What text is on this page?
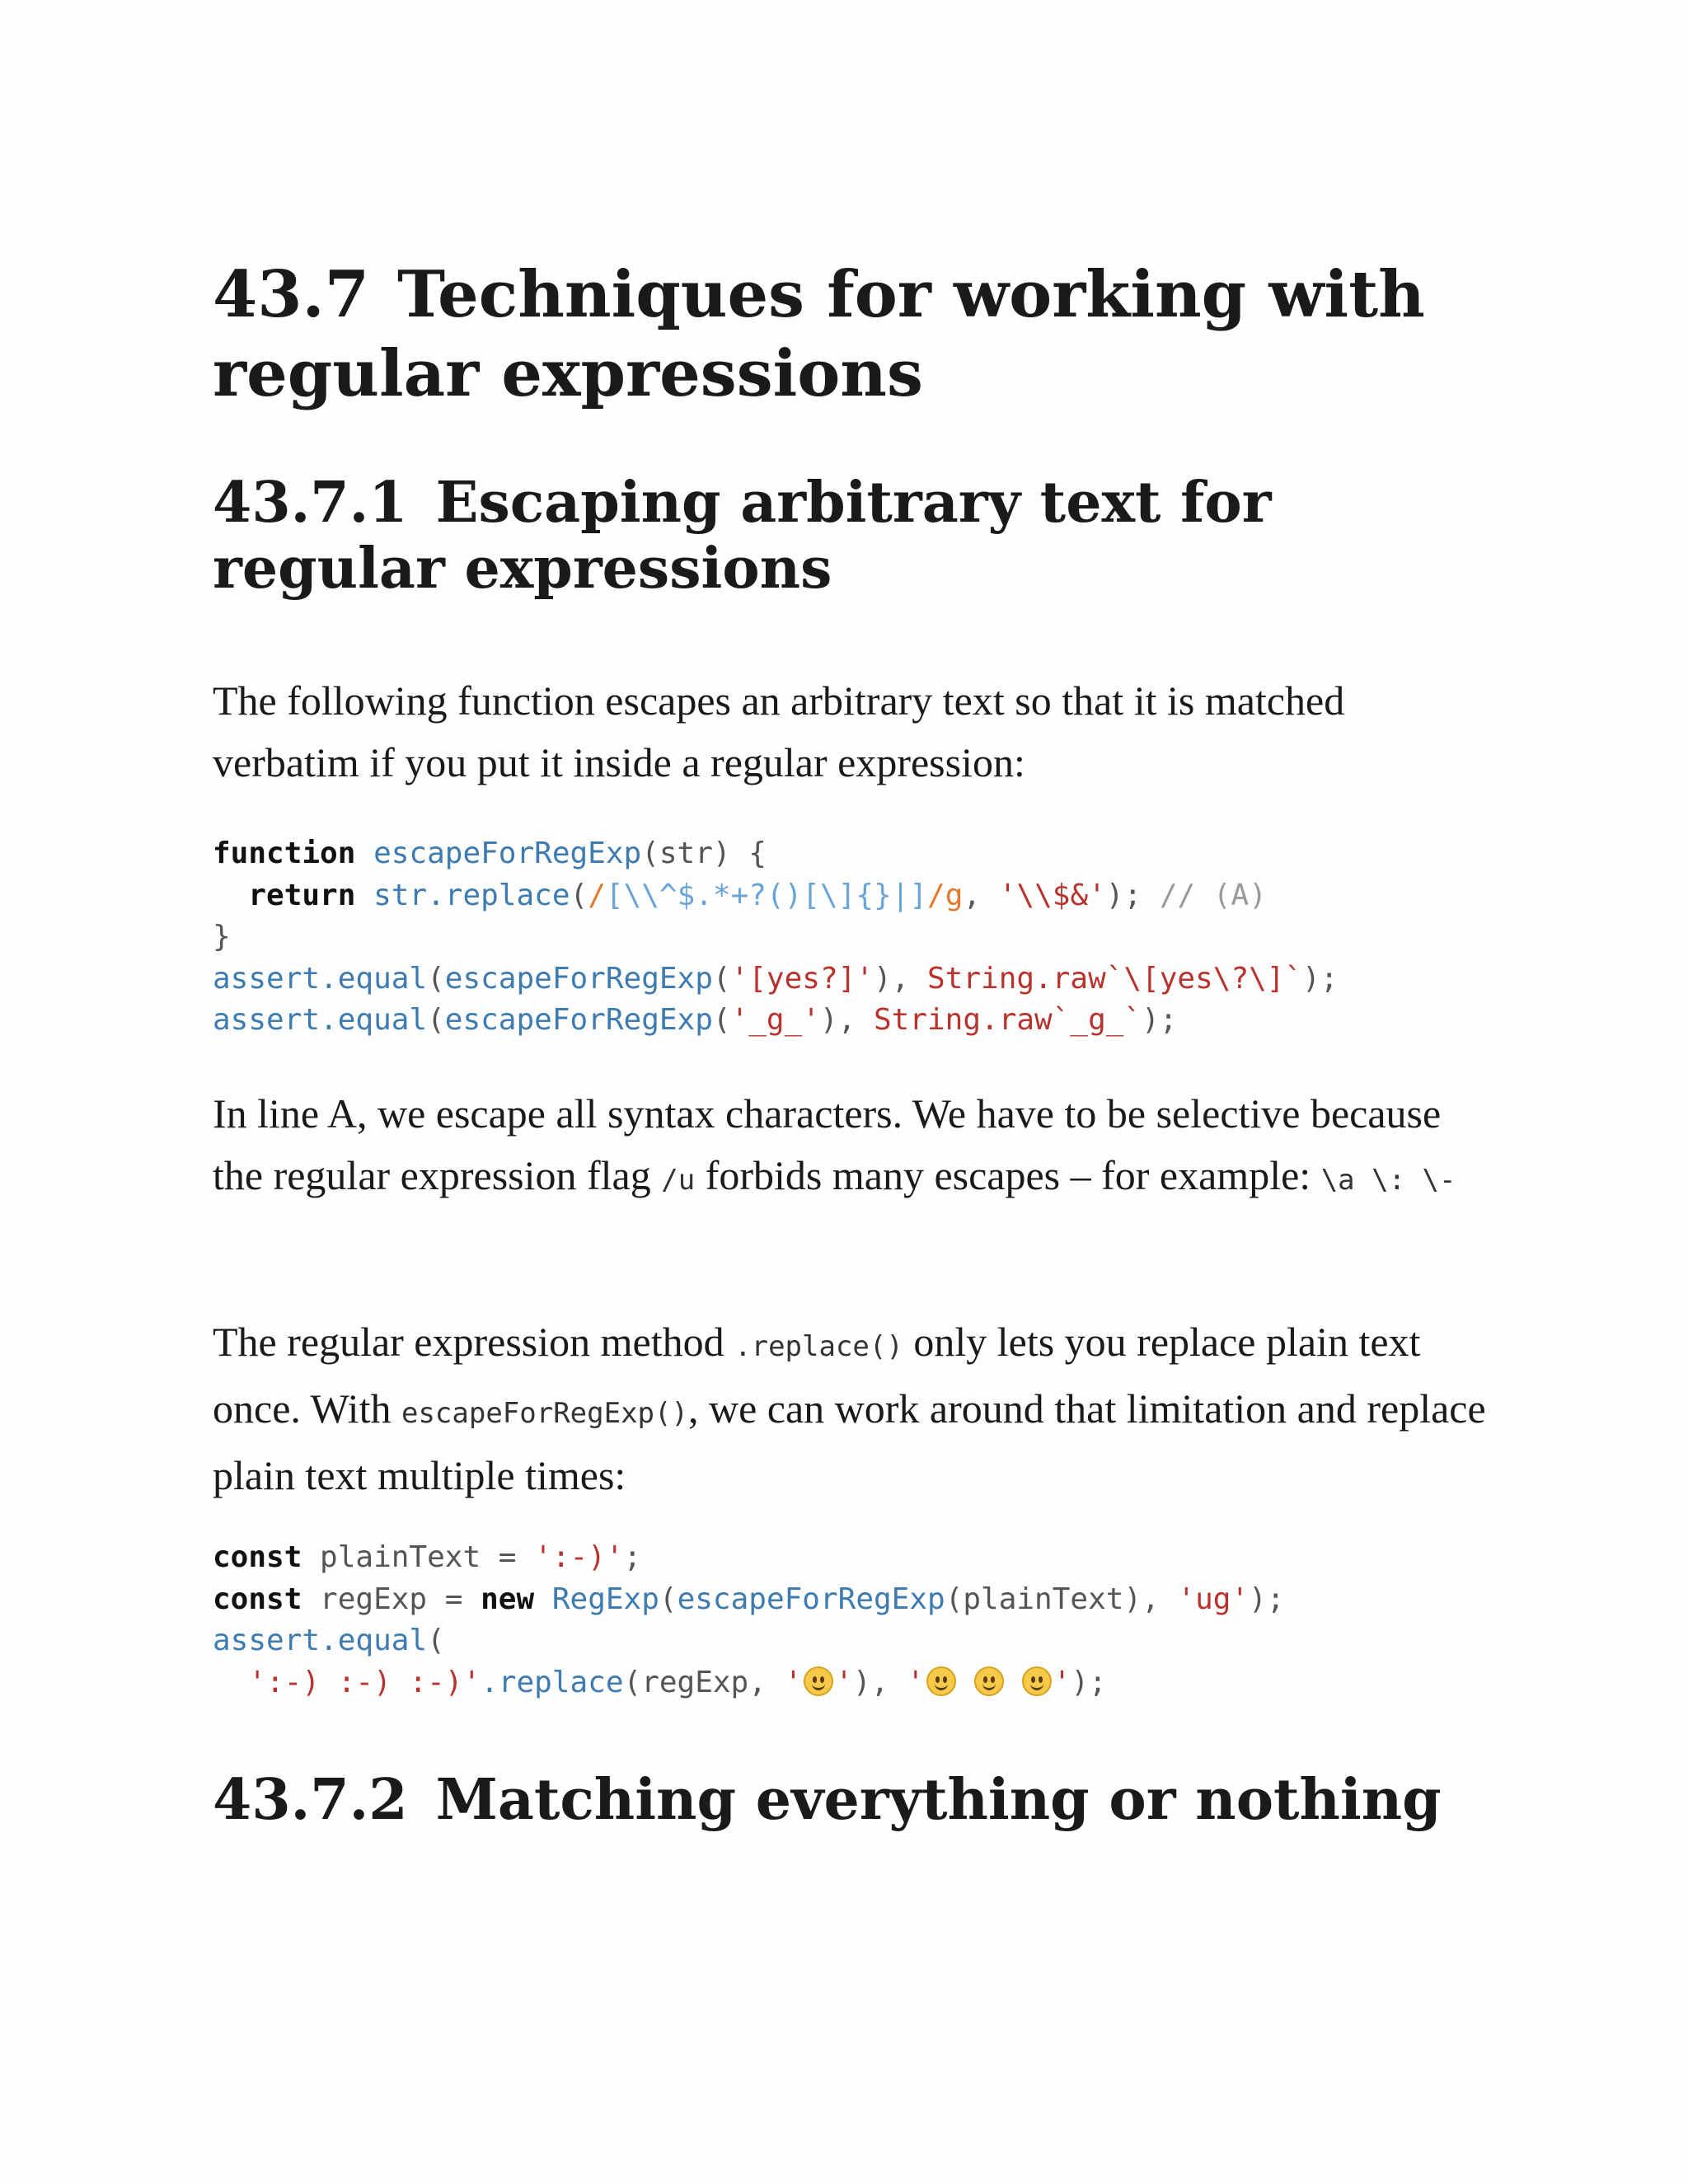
43.7 Techniques for working with regular expressions
43.7.1 Escaping arbitrary text for regular expressions

The following function escapes an arbitrary text so that it is matched verbatim if you put it inside a regular expression:

function escapeForRegExp(str) {
return str.replace(/[\\^$.*+?()[\]{}|]/g, '\\$&'); // (A)
}
assert.equal(escapeForRegExp('[yes?]'), String.raw`\[yes\?\]`);
assert.equal(escapeForRegExp('_g_'), String.raw`_g_`);

In line A, we escape all syntax characters. We have to be selective because the regular expression flag /u forbids many escapes – for example: \a \: \-

The regular expression method .replace() only lets you replace plain text once. With escapeForRegExp(), we can work around that limitation and replace plain text multiple times:

const plainText = ':-)';
const regExp = new RegExp(escapeForRegExp(plainText), 'ug');
assert.equal(
':-) :-) :-)'.replace(regExp, ' '), '	');
43.7.2 Matching everything or nothing
